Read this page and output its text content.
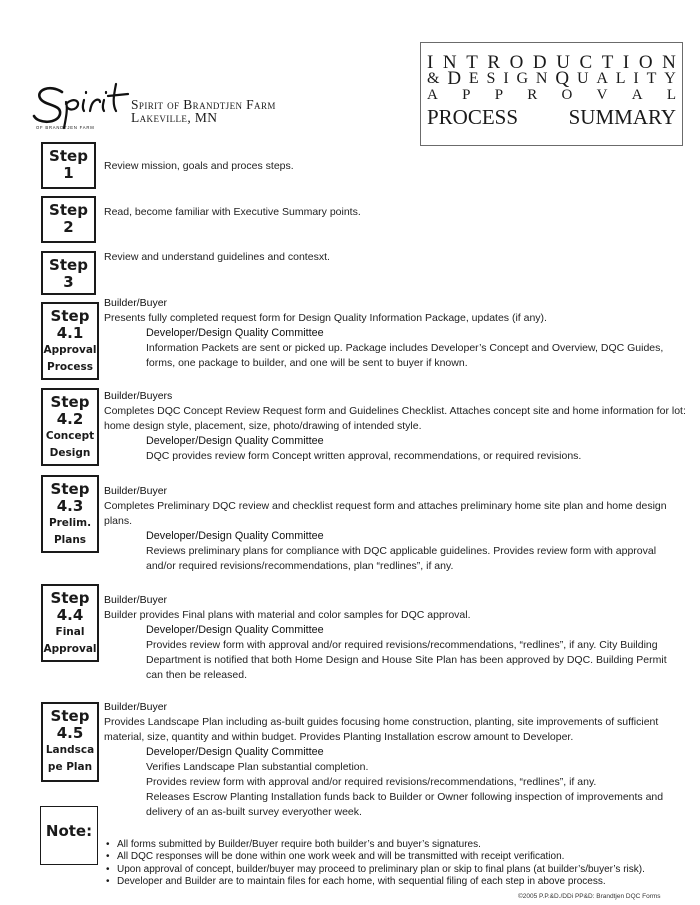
OF BRANDTJEN FARM
Spirit of Brandtjen Farm
Lakeville, MN
I N T R O D U C T I O N
& D E S I G N Q U A L I T Y
A P P R O V A L
PROCESS SUMMARY
Step
1	Review mission, goals and proces steps.

Step
2

Read, become familiar with Executive Summary points.

Step
3

Review and understand guidelines and contesxt.

Step
4.1
Approval
Process

Builder/Buyer

Presents fully completed request form for Design Quality Information Package, updates (if any).

Developer/Design Quality Committee

Information Packets are sent or picked up. Package includes Developer’s Concept and Overview, DQC Guides, forms, one package to builder, and one will be sent to buyer if known.

Step
4.2
Concept
Design

Builder/Buyers

Completes DQC Concept Review Request form and Guidelines Checklist. Attaches concept site and home information for lot: home design style, placement, size, photo/drawing of intended style.

Developer/Design Quality Committee

DQC provides review form Concept written approval, recommendations, or required revisions.

Step
4.3
Prelim.
Plans

Builder/Buyer

Completes Preliminary DQC review and checklist request form and attaches preliminary home site plan and home design plans.

Developer/Design Quality Committee

Reviews preliminary plans for compliance with DQC applicable guidelines. Provides review form with approval and/or required revisions/recommendations, plan “redlines”, if any.

Step
4.4
Final
Approval

Builder/Buyer

Builder provides Final plans with material and color samples for DQC approval.

Developer/Design Quality Committee

Provides review form with approval and/or required revisions/recommendations, “redlines”, if any. City Building Department is notified that both Home Design and House Site Plan has been approved by DQC. Building Permit can then be released.

Step
4.5
Landsca
pe Plan

Builder/Buyer

Provides Landscape Plan including as-built guides focusing home construction, planting, site improvements of sufficient material, size, quantity and within budget. Provides Planting Installation escrow amount to Developer.

Developer/Design Quality Committee

Verifies Landscape Plan substantial completion.

Provides review form with approval and/or required revisions/recommendations, “redlines”, if any.

Releases Escrow Planting Installation funds back to Builder or Owner following inspection of improvements and delivery of an as-built survey everyother week.

Note:
• All forms submitted by Builder/Buyer require both builder’s and buyer’s signatures.
• All DQC responses will be done within one work week and will be transmitted with receipt verification.
• Upon approval of concept, builder/buyer may proceed to preliminary plan or skip to final plans (at builder’s/buyer’s risk).
• Developer and Builder are to maintain files for each home, with sequential filing of each step in above process.
©2005 P.P.&D./DDi PP&D: Brandtjen DQC Forms
